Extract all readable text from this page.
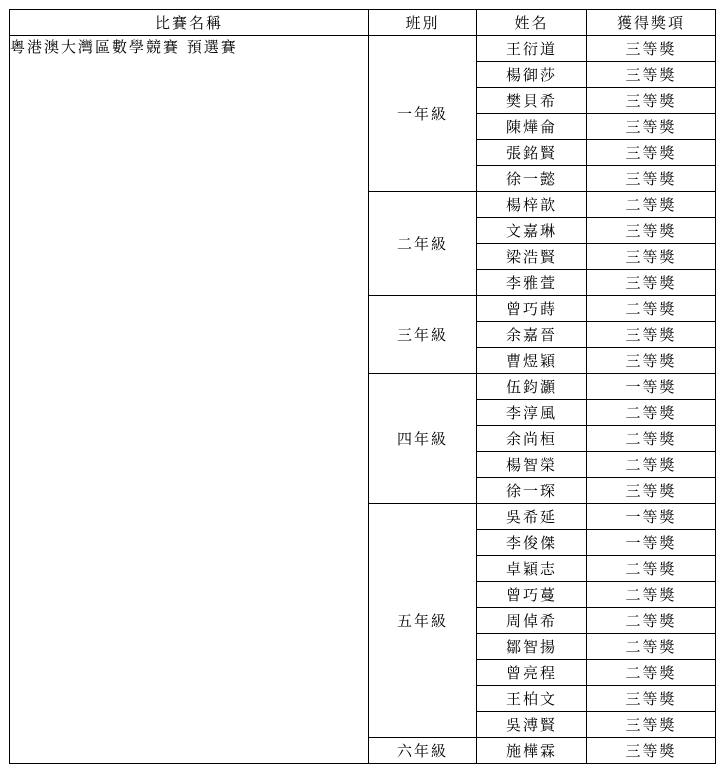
比賽名稱	班別	姓名	獲得獎項
粵港澳大灣區數學競賽 預選賽	一年級	王衍道	三等獎
		楊御莎	三等獎
		樊貝希	三等獎
		陳燁侖	三等獎
		張銘賢	三等獎
		徐一懿	三等獎
	二年級	楊梓歆	二等獎
		文嘉琳	三等獎
		梁浩賢	三等獎
		李雅萱	三等獎
	三年級	曾巧蒔	二等獎
		余嘉晉	三等獎
		曹煜穎	三等獎
	四年級	伍鈞灝	一等獎
		李淳風	二等獎
		余尚桓	二等獎
		楊智榮	二等獎
		徐一琛	三等獎
	五年級	吳希延	一等獎
		李俊傑	一等獎
		卓穎志	二等獎
		曾巧蔓	二等獎
		周倬希	二等獎
		鄒智揚	二等獎
		曾亮程	二等獎
		王柏文	三等獎
		吳溥賢	三等獎
	六年級	施樺霖	三等獎
